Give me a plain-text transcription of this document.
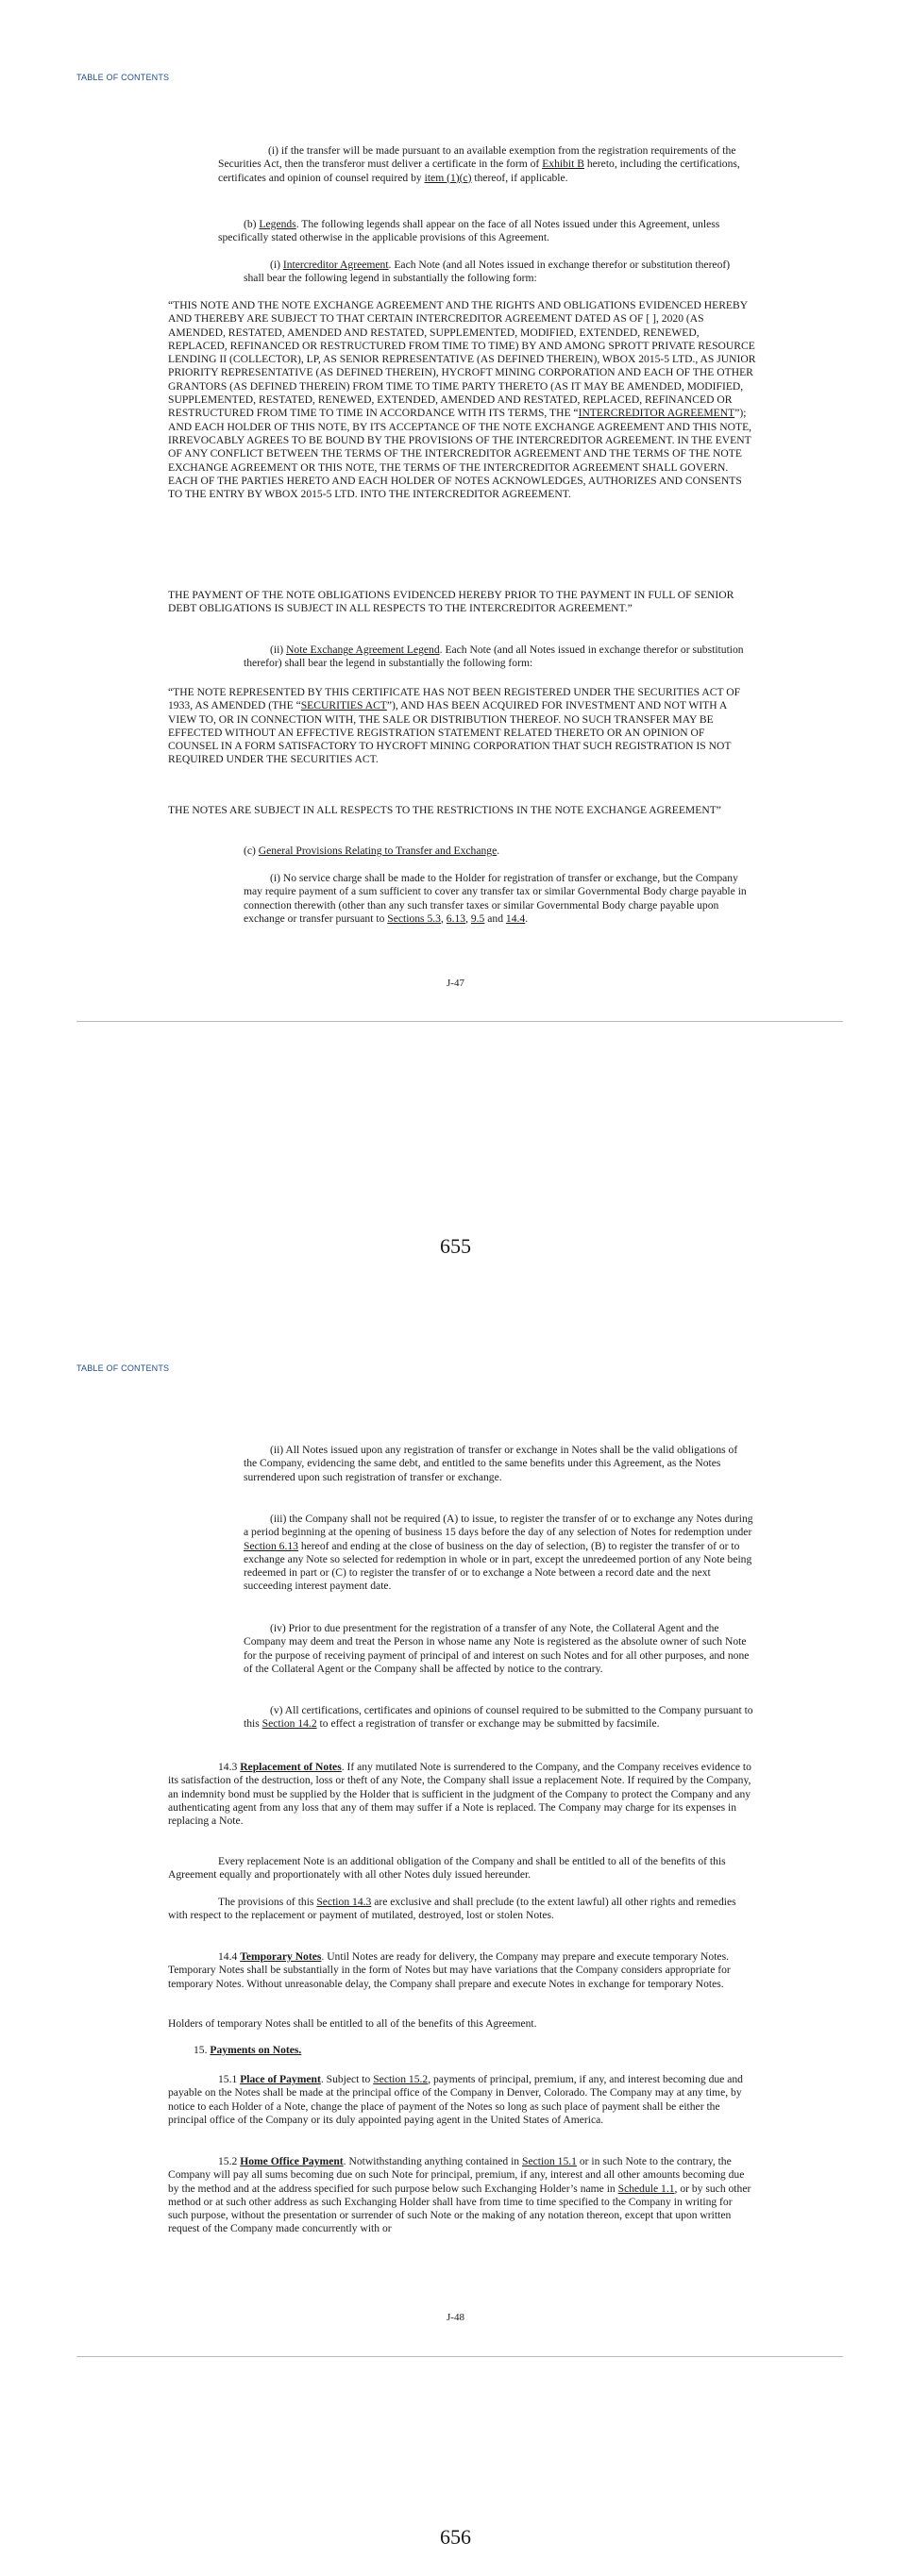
TABLE OF CONTENTS

(i) if the transfer will be made pursuant to an available exemption from the registration requirements of the Securities Act, then the transferor must deliver a certificate in the form of Exhibit B hereto, including the certifications, certificates and opinion of counsel required by item (1)(c) thereof, if applicable.

(b) Legends. The following legends shall appear on the face of all Notes issued under this Agreement, unless specifically stated otherwise in the applicable provisions of this Agreement.

(i) Intercreditor Agreement. Each Note (and all Notes issued in exchange therefor or substitution thereof) shall bear the following legend in substantially the following form:

“THIS NOTE AND THE NOTE EXCHANGE AGREEMENT AND THE RIGHTS AND OBLIGATIONS EVIDENCED HEREBY AND THEREBY ARE SUBJECT TO THAT CERTAIN INTERCREDITOR AGREEMENT DATED AS OF [ ], 2020 (AS AMENDED, RESTATED, AMENDED AND RESTATED, SUPPLEMENTED, MODIFIED, EXTENDED, RENEWED, REPLACED, REFINANCED OR RESTRUCTURED FROM TIME TO TIME) BY AND AMONG SPROTT PRIVATE RESOURCE LENDING II (COLLECTOR), LP, AS SENIOR REPRESENTATIVE (AS DEFINED THEREIN), WBOX 2015-5 LTD., AS JUNIOR PRIORITY REPRESENTATIVE (AS DEFINED THEREIN), HYCROFT MINING CORPORATION AND EACH OF THE OTHER GRANTORS (AS DEFINED THEREIN) FROM TIME TO TIME PARTY THERETO (AS IT MAY BE AMENDED, MODIFIED, SUPPLEMENTED, RESTATED, RENEWED, EXTENDED, AMENDED AND RESTATED, REPLACED, REFINANCED OR RESTRUCTURED FROM TIME TO TIME IN ACCORDANCE WITH ITS TERMS, THE “INTERCREDITOR AGREEMENT”); AND EACH HOLDER OF THIS NOTE, BY ITS ACCEPTANCE OF THE NOTE EXCHANGE AGREEMENT AND THIS NOTE, IRREVOCABLY AGREES TO BE BOUND BY THE PROVISIONS OF THE INTERCREDITOR AGREEMENT. IN THE EVENT OF ANY CONFLICT BETWEEN THE TERMS OF THE INTERCREDITOR AGREEMENT AND THE TERMS OF THE NOTE EXCHANGE AGREEMENT OR THIS NOTE, THE TERMS OF THE INTERCREDITOR AGREEMENT SHALL GOVERN. EACH OF THE PARTIES HERETO AND EACH HOLDER OF NOTES ACKNOWLEDGES, AUTHORIZES AND CONSENTS TO THE ENTRY BY WBOX 2015-5 LTD. INTO THE INTERCREDITOR AGREEMENT.

THE PAYMENT OF THE NOTE OBLIGATIONS EVIDENCED HEREBY PRIOR TO THE PAYMENT IN FULL OF SENIOR DEBT OBLIGATIONS IS SUBJECT IN ALL RESPECTS TO THE INTERCREDITOR AGREEMENT.”

(ii) Note Exchange Agreement Legend. Each Note (and all Notes issued in exchange therefor or substitution therefor) shall bear the legend in substantially the following form:

“THE NOTE REPRESENTED BY THIS CERTIFICATE HAS NOT BEEN REGISTERED UNDER THE SECURITIES ACT OF 1933, AS AMENDED (THE “SECURITIES ACT”), AND HAS BEEN ACQUIRED FOR INVESTMENT AND NOT WITH A VIEW TO, OR IN CONNECTION WITH, THE SALE OR DISTRIBUTION THEREOF. NO SUCH TRANSFER MAY BE EFFECTED WITHOUT AN EFFECTIVE REGISTRATION STATEMENT RELATED THERETO OR AN OPINION OF COUNSEL IN A FORM SATISFACTORY TO HYCROFT MINING CORPORATION THAT SUCH REGISTRATION IS NOT REQUIRED UNDER THE SECURITIES ACT.

THE NOTES ARE SUBJECT IN ALL RESPECTS TO THE RESTRICTIONS IN THE NOTE EXCHANGE AGREEMENT”

(c) General Provisions Relating to Transfer and Exchange.

(i) No service charge shall be made to the Holder for registration of transfer or exchange, but the Company may require payment of a sum sufficient to cover any transfer tax or similar Governmental Body charge payable in connection therewith (other than any such transfer taxes or similar Governmental Body charge payable upon exchange or transfer pursuant to Sections 5.3, 6.13, 9.5 and 14.4.

J-47
655
TABLE OF CONTENTS

(ii) All Notes issued upon any registration of transfer or exchange in Notes shall be the valid obligations of the Company, evidencing the same debt, and entitled to the same benefits under this Agreement, as the Notes surrendered upon such registration of transfer or exchange.

(iii) the Company shall not be required (A) to issue, to register the transfer of or to exchange any Notes during a period beginning at the opening of business 15 days before the day of any selection of Notes for redemption under Section 6.13 hereof and ending at the close of business on the day of selection, (B) to register the transfer of or to exchange any Note so selected for redemption in whole or in part, except the unredeemed portion of any Note being redeemed in part or (C) to register the transfer of or to exchange a Note between a record date and the next succeeding interest payment date.

(iv) Prior to due presentment for the registration of a transfer of any Note, the Collateral Agent and the Company may deem and treat the Person in whose name any Note is registered as the absolute owner of such Note for the purpose of receiving payment of principal of and interest on such Notes and for all other purposes, and none of the Collateral Agent or the Company shall be affected by notice to the contrary.

(v) All certifications, certificates and opinions of counsel required to be submitted to the Company pursuant to this Section 14.2 to effect a registration of transfer or exchange may be submitted by facsimile.

14.3 Replacement of Notes. If any mutilated Note is surrendered to the Company, and the Company receives evidence to its satisfaction of the destruction, loss or theft of any Note, the Company shall issue a replacement Note. If required by the Company, an indemnity bond must be supplied by the Holder that is sufficient in the judgment of the Company to protect the Company and any authenticating agent from any loss that any of them may suffer if a Note is replaced. The Company may charge for its expenses in replacing a Note.

Every replacement Note is an additional obligation of the Company and shall be entitled to all of the benefits of this Agreement equally and proportionately with all other Notes duly issued hereunder.

The provisions of this Section 14.3 are exclusive and shall preclude (to the extent lawful) all other rights and remedies with respect to the replacement or payment of mutilated, destroyed, lost or stolen Notes.

14.4 Temporary Notes. Until Notes are ready for delivery, the Company may prepare and execute temporary Notes. Temporary Notes shall be substantially in the form of Notes but may have variations that the Company considers appropriate for temporary Notes. Without unreasonable delay, the Company shall prepare and execute Notes in exchange for temporary Notes.

Holders of temporary Notes shall be entitled to all of the benefits of this Agreement.

15. Payments on Notes.

15.1 Place of Payment. Subject to Section 15.2, payments of principal, premium, if any, and interest becoming due and payable on the Notes shall be made at the principal office of the Company in Denver, Colorado. The Company may at any time, by notice to each Holder of a Note, change the place of payment of the Notes so long as such place of payment shall be either the principal office of the Company or its duly appointed paying agent in the United States of America.

15.2 Home Office Payment. Notwithstanding anything contained in Section 15.1 or in such Note to the contrary, the Company will pay all sums becoming due on such Note for principal, premium, if any, interest and all other amounts becoming due by the method and at the address specified for such purpose below such Exchanging Holder’s name in Schedule 1.1, or by such other method or at such other address as such Exchanging Holder shall have from time to time specified to the Company in writing for such purpose, without the presentation or surrender of such Note or the making of any notation thereon, except that upon written request of the Company made concurrently with or

J-48
656
